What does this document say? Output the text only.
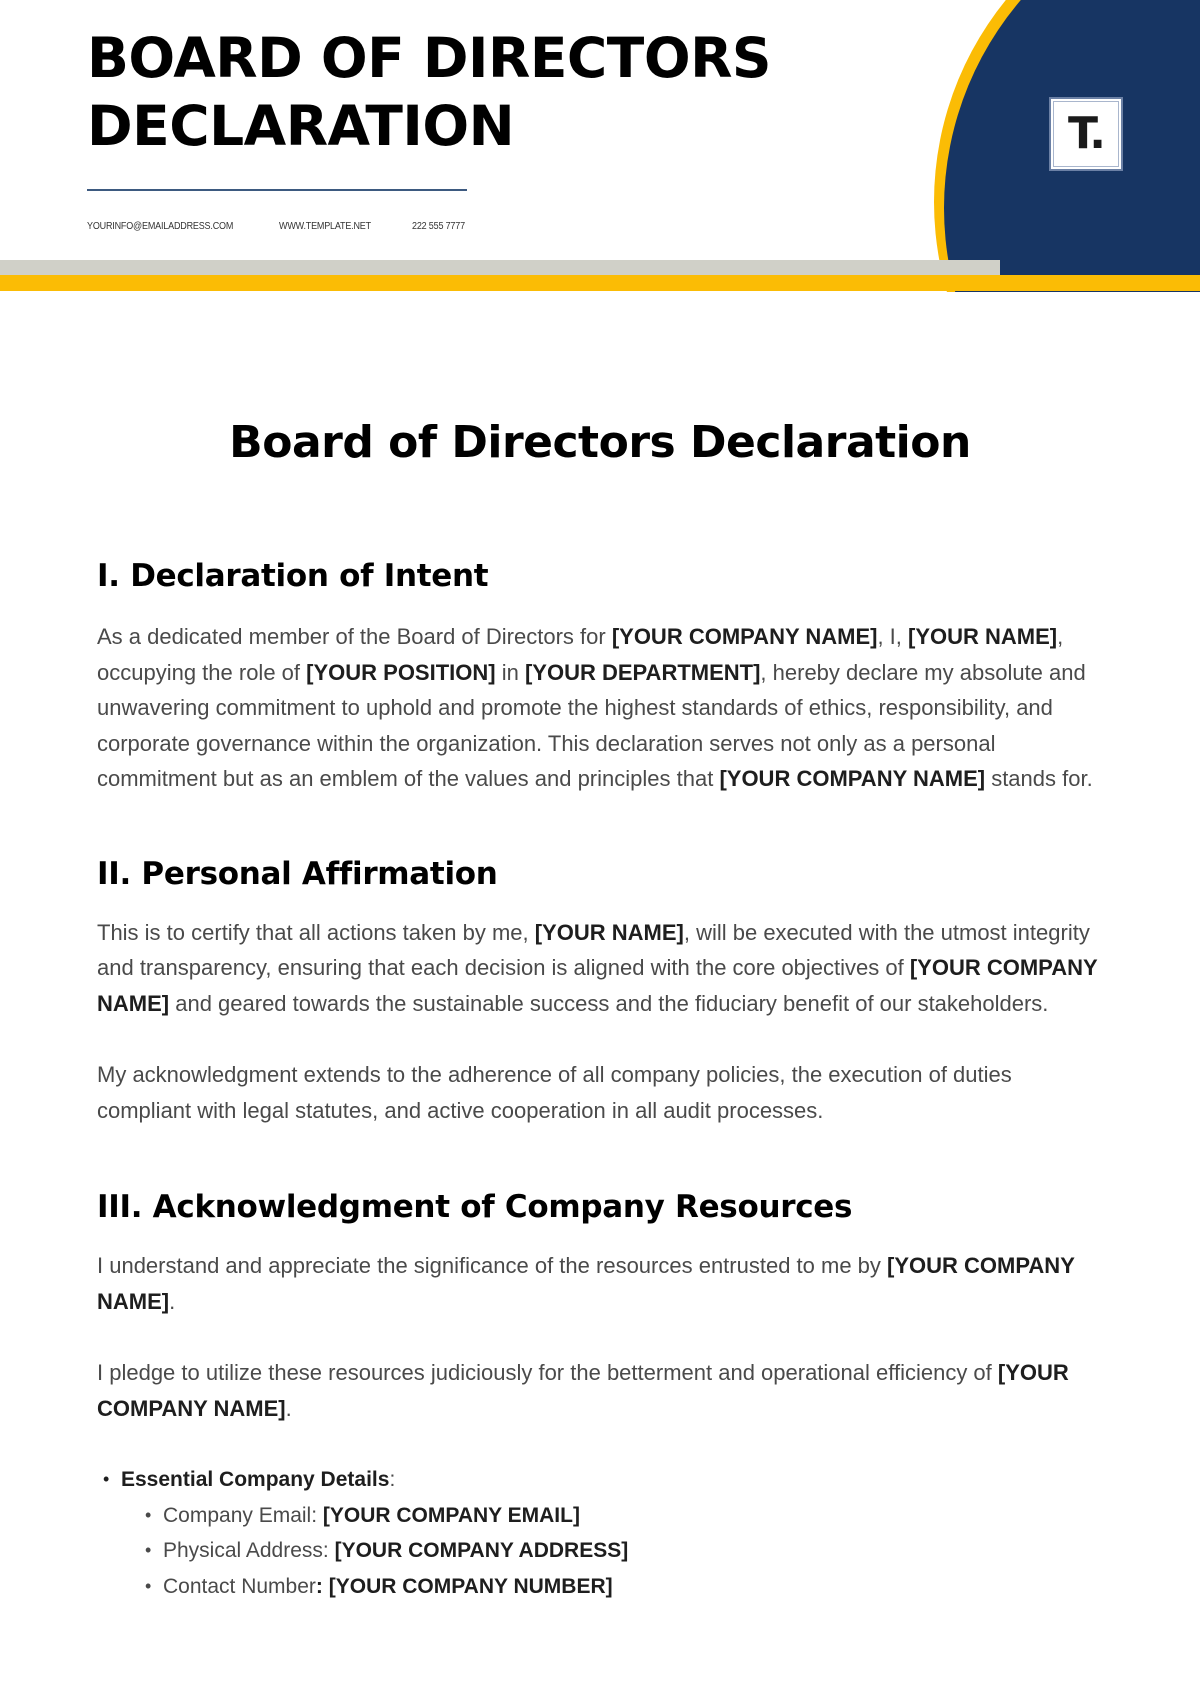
BOARD OF DIRECTORS DECLARATION
YOURINFO@EMAILADDRESS.COM	WWW.TEMPLATE.NET	222 555 7777
T.
Board of Directors Declaration
I. Declaration of Intent

As a dedicated member of the Board of Directors for [YOUR COMPANY NAME], I, [YOUR NAME], occupying the role of [YOUR POSITION] in [YOUR DEPARTMENT], hereby declare my absolute and unwavering commitment to uphold and promote the highest standards of ethics, responsibility, and corporate governance within the organization. This declaration serves not only as a personal commitment but as an emblem of the values and principles that [YOUR COMPANY NAME] stands for.

II. Personal Affirmation

This is to certify that all actions taken by me, [YOUR NAME], will be executed with the utmost integrity and transparency, ensuring that each decision is aligned with the core objectives of [YOUR COMPANY NAME] and geared towards the sustainable success and the fiduciary benefit of our stakeholders.

My acknowledgment extends to the adherence of all company policies, the execution of duties compliant with legal statutes, and active cooperation in all audit processes.

III. Acknowledgment of Company Resources

I understand and appreciate the significance of the resources entrusted to me by [YOUR COMPANY NAME].

I pledge to utilize these resources judiciously for the betterment and operational efficiency of [YOUR COMPANY NAME].

• Essential Company Details:
• Company Email: [YOUR COMPANY EMAIL]
• Physical Address: [YOUR COMPANY ADDRESS]
• Contact Number: [YOUR COMPANY NUMBER]
